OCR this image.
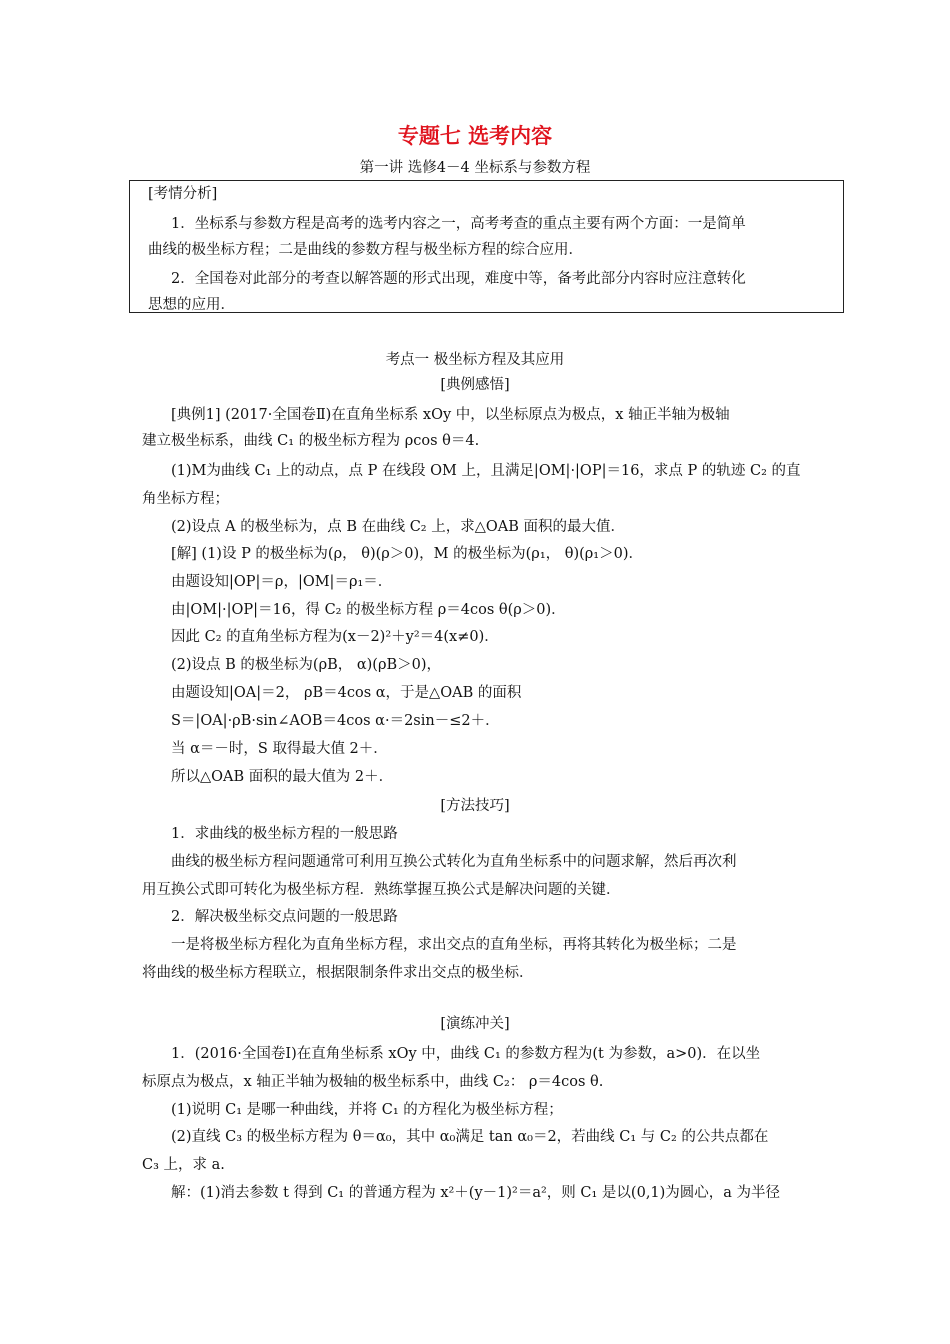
专题七 选考内容
第一讲 选修4－4 坐标系与参数方程
[考情分析]
1．坐标系与参数方程是高考的选考内容之一，高考考查的重点主要有两个方面：一是简单
曲线的极坐标方程；二是曲线的参数方程与极坐标方程的综合应用．
2．全国卷对此部分的考查以解答题的形式出现，难度中等，备考此部分内容时应注意转化
思想的应用．
考点一 极坐标方程及其应用
[典例感悟]
[典例1] (2017·全国卷Ⅱ)在直角坐标系 xOy 中，以坐标原点为极点，x 轴正半轴为极轴
建立极坐标系，曲线 C₁ 的极坐标方程为 ρcos θ＝4.
(1)M为曲线 C₁ 上的动点，点 P 在线段 OM 上，且满足|OM|·|OP|＝16，求点 P 的轨迹 C₂ 的直
角坐标方程；
(2)设点 A 的极坐标为，点 B 在曲线 C₂ 上，求△OAB 面积的最大值．
[解] (1)设 P 的极坐标为(ρ， θ)(ρ＞0)，M 的极坐标为(ρ₁， θ)(ρ₁＞0)．
由题设知|OP|＝ρ，|OM|＝ρ₁＝．
由|OM|·|OP|＝16，得 C₂ 的极坐标方程 ρ＝4cos θ(ρ＞0)．
因此 C₂ 的直角坐标方程为(x－2)²＋y²＝4(x≠0)．
(2)设点 B 的极坐标为(ρB， α)(ρB＞0)，
由题设知|OA|＝2， ρB＝4cos α，于是△OAB 的面积
S＝|OA|·ρB·sin∠AOB＝4cos α·＝2sin－≤2＋．
当 α＝－时，S 取得最大值 2＋．
所以△OAB 面积的最大值为 2＋．
[方法技巧]
1．求曲线的极坐标方程的一般思路
曲线的极坐标方程问题通常可利用互换公式转化为直角坐标系中的问题求解，然后再次利
用互换公式即可转化为极坐标方程．熟练掌握互换公式是解决问题的关键．
2．解决极坐标交点问题的一般思路
一是将极坐标方程化为直角坐标方程，求出交点的直角坐标，再将其转化为极坐标；二是
将曲线的极坐标方程联立，根据限制条件求出交点的极坐标．
[演练冲关]
1．(2016·全国卷Ⅰ)在直角坐标系 xOy 中，曲线 C₁ 的参数方程为(t 为参数，a>0)．在以坐
标原点为极点，x 轴正半轴为极轴的极坐标系中，曲线 C₂： ρ＝4cos θ.
(1)说明 C₁ 是哪一种曲线，并将 C₁ 的方程化为极坐标方程；
(2)直线 C₃ 的极坐标方程为 θ＝α₀，其中 α₀满足 tan α₀＝2，若曲线 C₁ 与 C₂ 的公共点都在
C₃ 上，求 a.
解：(1)消去参数 t 得到 C₁ 的普通方程为 x²＋(y－1)²＝a²，则 C₁ 是以(0,1)为圆心，a 为半径
